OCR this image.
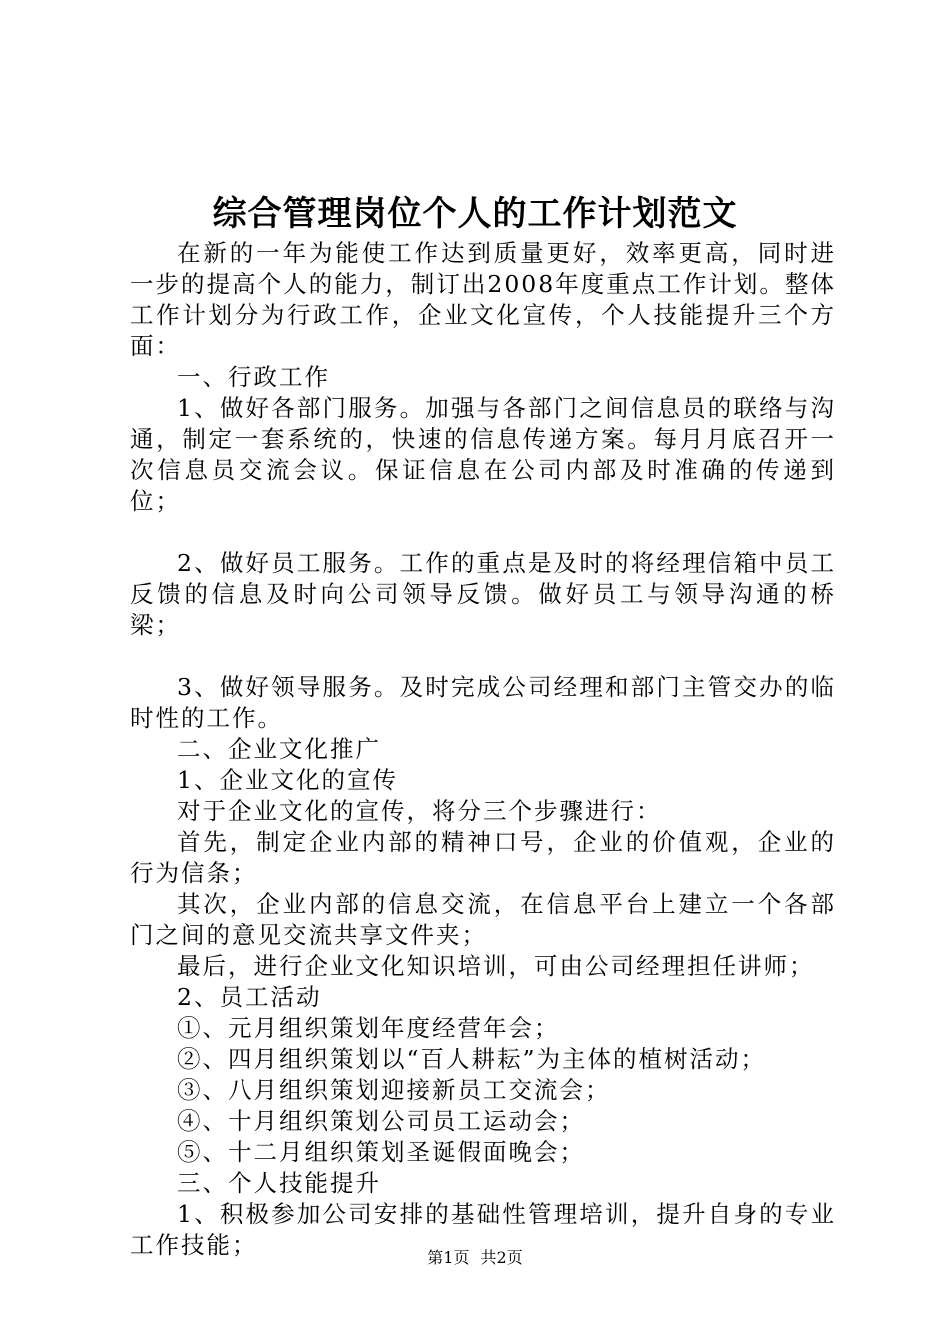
综合管理岗位个人的工作计划范文

在新的一年为能使工作达到质量更好，效率更高，同时进一步的提高个人的能力，制订出2008年度重点工作计划。整体工作计划分为行政工作，企业文化宣传，个人技能提升三个方面：

一、行政工作

1、做好各部门服务。加强与各部门之间信息员的联络与沟通，制定一套系统的，快速的信息传递方案。每月月底召开一次信息员交流会议。保证信息在公司内部及时准确的传递到位；

2、做好员工服务。工作的重点是及时的将经理信箱中员工反馈的信息及时向公司领导反馈。做好员工与领导沟通的桥梁；

3、做好领导服务。及时完成公司经理和部门主管交办的临时性的工作。

二、企业文化推广

1、企业文化的宣传

对于企业文化的宣传，将分三个步骤进行：

首先，制定企业内部的精神口号，企业的价值观，企业的行为信条；

其次，企业内部的信息交流，在信息平台上建立一个各部门之间的意见交流共享文件夹；

最后，进行企业文化知识培训，可由公司经理担任讲师；

2、员工活动

①、元月组织策划年度经营年会；

②、四月组织策划以“百人耕耘”为主体的植树活动；

③、八月组织策划迎接新员工交流会；

④、十月组织策划公司员工运动会；

⑤、十二月组织策划圣诞假面晚会；

三、个人技能提升

1、积极参加公司安排的基础性管理培训，提升自身的专业工作技能；	第1页 共2页
